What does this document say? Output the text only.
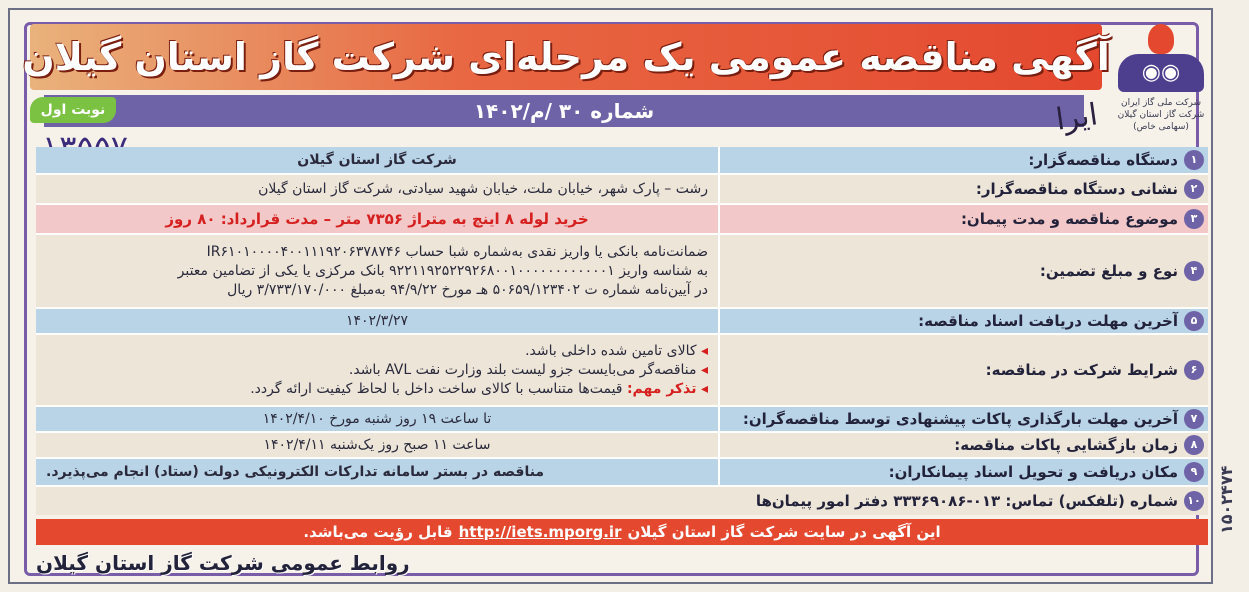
۱۵۰۲۴۷۴
آگهی مناقصه عمومی یک مرحله‌ای شرکت گاز استان گیلان	◉◉
شرکت ملی گاز ایران
شرکت گاز استان گیلان
(سهامی خاص)
شماره ۳۰ /م/۱۴۰۲
نوبت اول	ایرا
۱
دستگاه مناقصه‌گزار:
شرکت گاز استان گیلان
۲
نشانی دستگاه مناقصه‌گزار:
رشت – پارک شهر، خیابان ملت، خیابان شهید سیادتی، شرکت گاز استان گیلان
۳
موضوع مناقصه و مدت پیمان:
خرید لوله ۸ اینچ به متراژ ۷۳۵۶ متر – مدت قرارداد: ۸۰ روز
۴
نوع و مبلغ تضمین:
ضمانت‌نامه بانکی یا واریز نقدی به‌شماره شبا حساب IR۶۱۰۱۰۰۰۰۴۰۰۱۱۱۹۲۰۶۳۷۸۷۴۶
به شناسه واریز ۹۲۲۱۱۹۲۵۲۲۹۲۶۸۰۰۱۰۰۰۰۰۰۰۰۰۰۰۰۱ بانک مرکزی یا یکی از تضامین معتبر
در آیین‌نامه شماره ت ۵۰۶۵۹/۱۲۳۴۰۲ هـ مورخ ۹۴/۹/۲۲ به‌مبلغ ۳/۷۳۳/۱۷۰/۰۰۰ ریال
۵
آخرین مهلت دریافت اسناد مناقصه:
۱۴۰۲/۳/۲۷
۶
شرایط شرکت در مناقصه:
◂ کالای تامین شده داخلی باشد.
◂ مناقصه‌گر می‌بایست جزو لیست بلند وزارت نفت AVL باشد.
◂ تذکر مهم: قیمت‌ها متناسب با کالای ساخت داخل با لحاظ کیفیت ارائه گردد.
۷
آخرین مهلت بارگذاری پاکات پیشنهادی توسط مناقصه‌گران:
تا ساعت ۱۹ روز شنبه مورخ ۱۴۰۲/۴/۱۰
۸
زمان بازگشایی پاکات مناقصه:
ساعت ۱۱ صبح روز یک‌شنبه ۱۴۰۲/۴/۱۱
۹
مکان دریافت و تحویل اسناد پیمانکاران:
مناقصه در بستر سامانه تدارکات الکترونیکی دولت (ستاد) انجام می‌پذیرد.
۱۰
شماره (تلفکس) تماس: ۰۱۳-۳۳۳۶۹۰۸۶ دفتر امور پیمان‌ها
این آگهی در سایت شرکت گاز استان گیلان
http://iets.mporg.ir
قابل رؤیت می‌باشد.
روابط عمومی شرکت گاز استان گیلان
